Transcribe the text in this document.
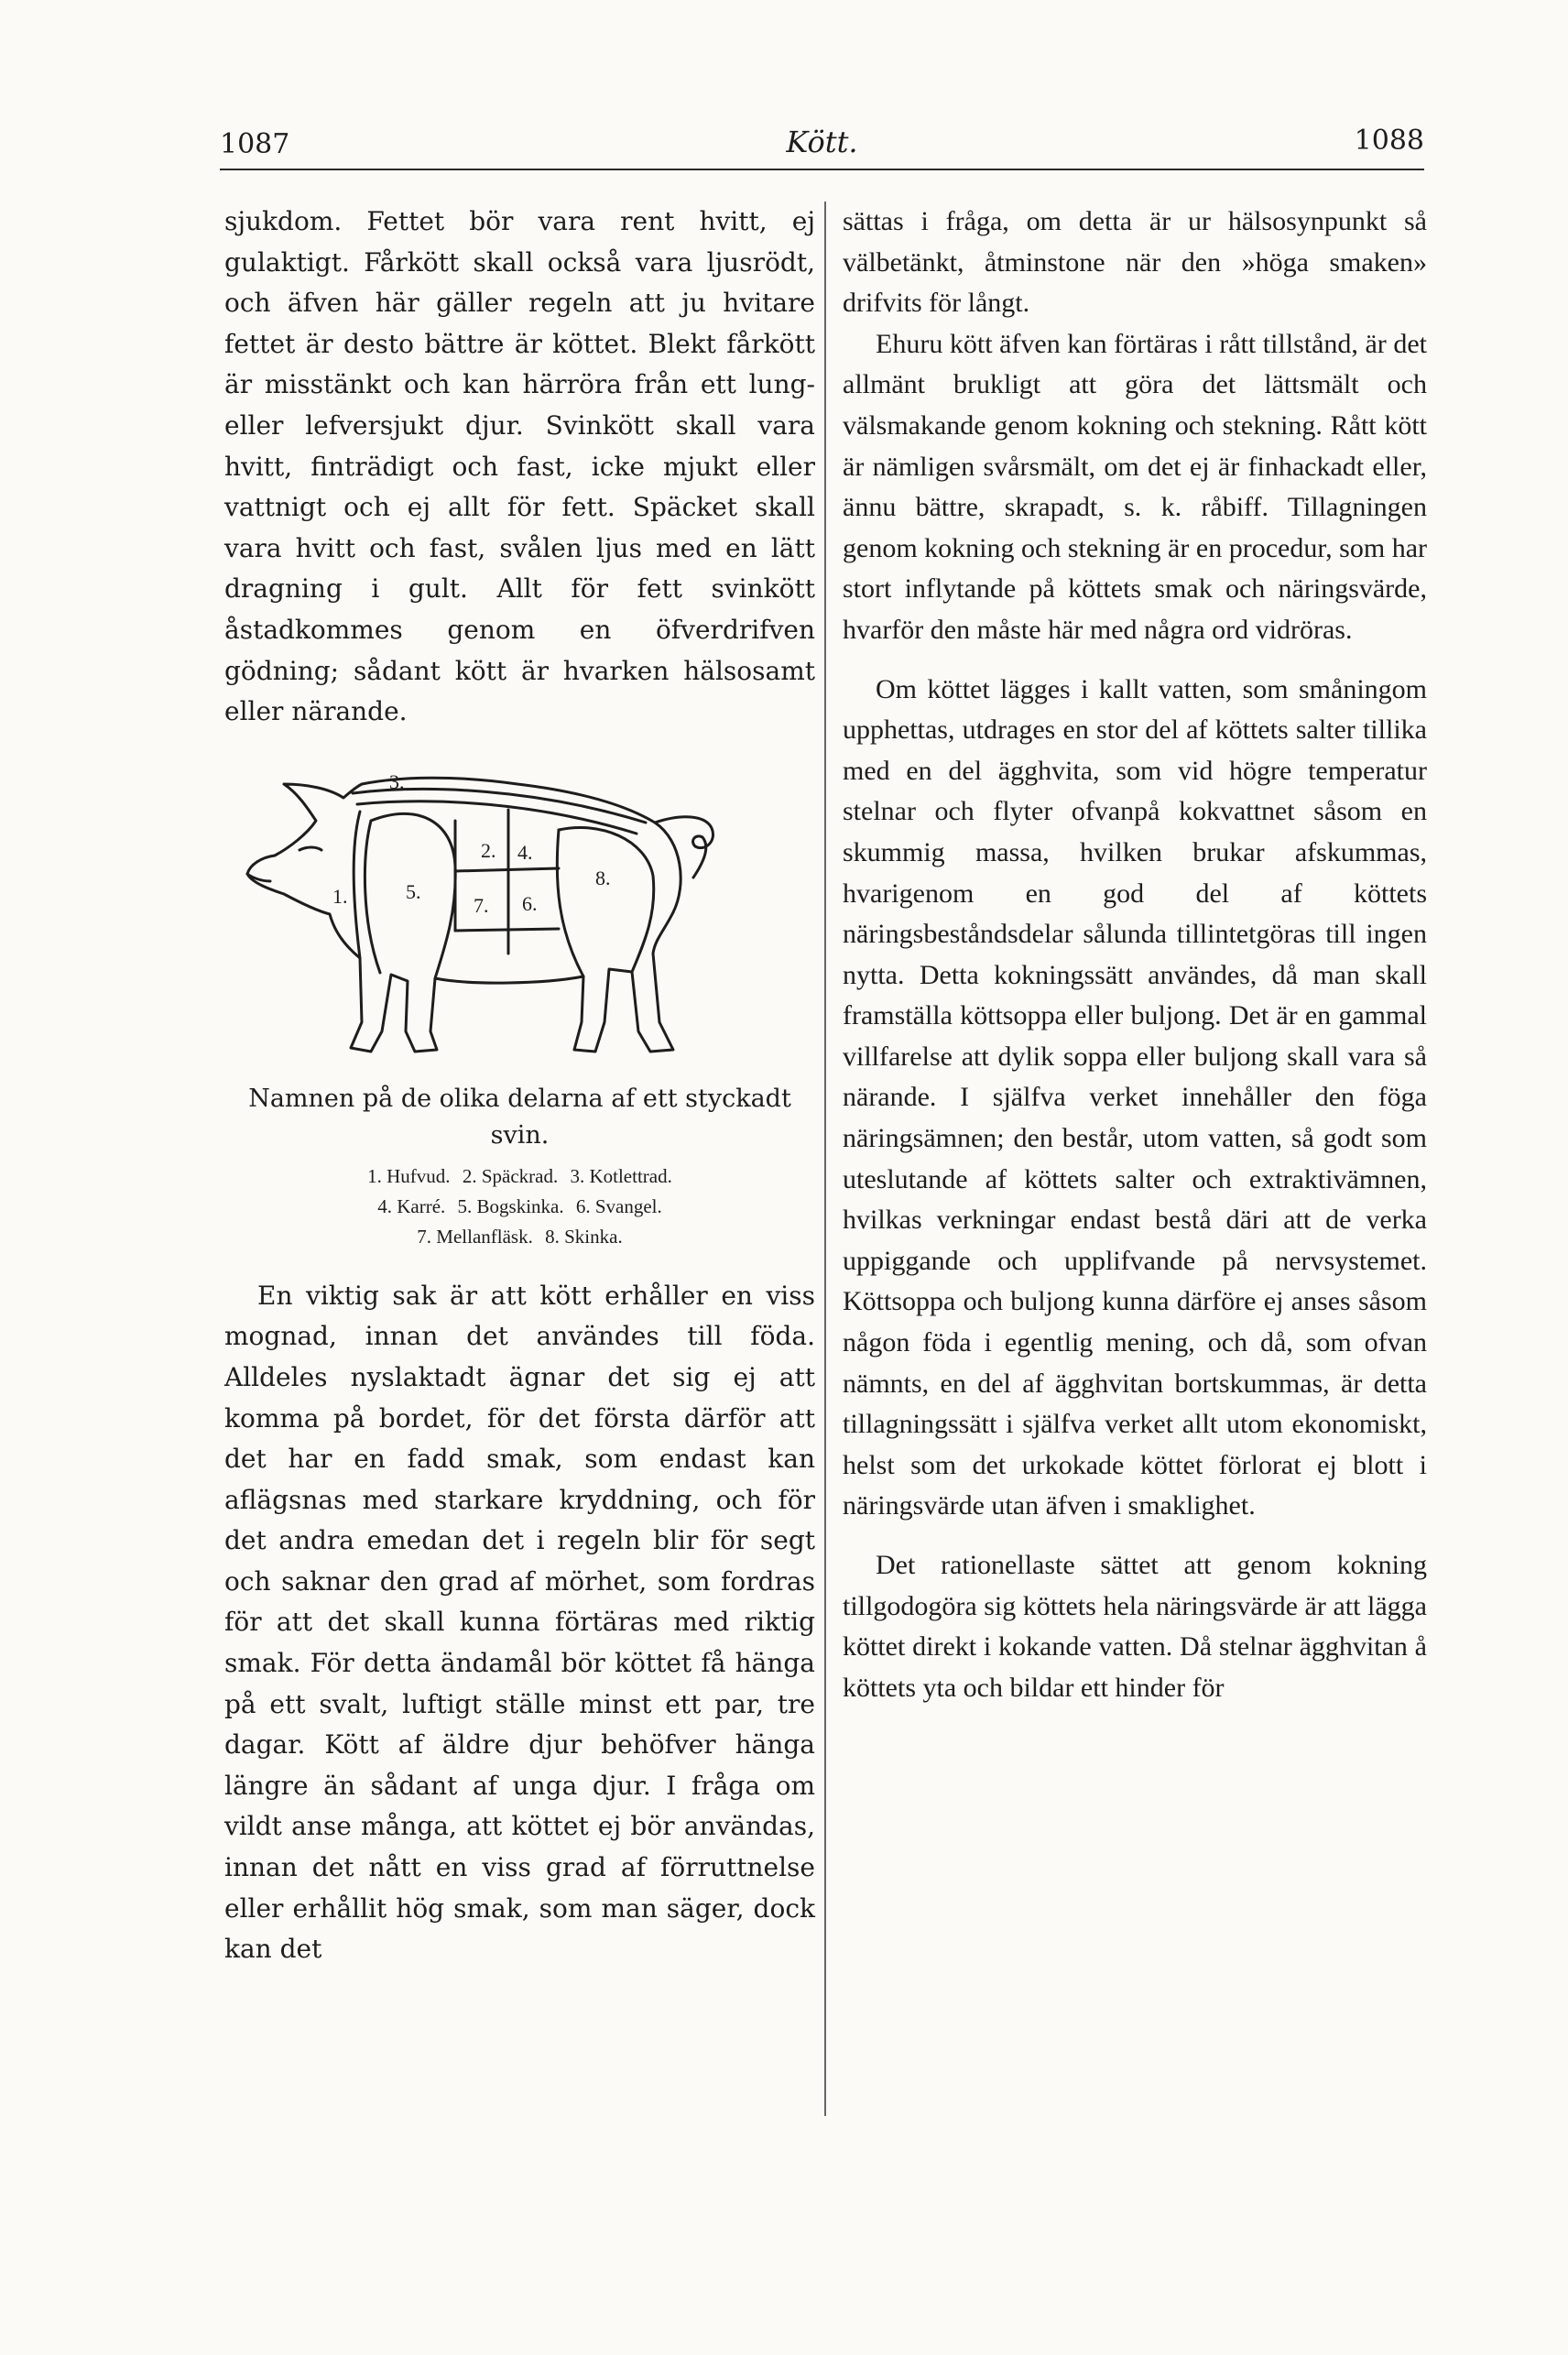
1087	Kött.	1088

sjukdom. Fettet bör vara rent hvitt, ej gulaktigt. Fårkött skall också vara ljusrödt, och äfven här gäller regeln att ju hvitare fettet är desto bättre är köttet. Blekt fårkött är misstänkt och kan härröra från ett lung- eller lefversjukt djur. Svinkött skall vara hvitt, finträdigt och fast, icke mjukt eller vattnigt och ej allt för fett. Späcket skall vara hvitt och fast, svålen ljus med en lätt dragning i gult. Allt för fett svinkött åstadkommes genom en öfverdrifven gödning; sådant kött är hvarken hälsosamt eller närande.

1.
2.
3.
4.
5.
6.
7.
8.
Namnen på de olika delarna af ett styckadt svin.
1. Hufvud. 2. Späckrad. 3. Kotlettrad.
4. Karré. 5. Bogskinka. 6. Svangel.
7. Mellanfläsk. 8. Skinka.

En viktig sak är att kött erhåller en viss mognad, innan det användes till föda. Alldeles nyslaktadt ägnar det sig ej att komma på bordet, för det första därför att det har en fadd smak, som endast kan aflägsnas med starkare kryddning, och för det andra emedan det i regeln blir för segt och saknar den grad af mörhet, som fordras för att det skall kunna förtäras med riktig smak. För detta ändamål bör köttet få hänga på ett svalt, luftigt ställe minst ett par, tre dagar. Kött af äldre djur behöfver hänga längre än sådant af unga djur. I fråga om vildt anse många, att köttet ej bör användas, innan det nått en viss grad af förruttnelse eller erhållit hög smak, som man säger, dock kan det

sättas i fråga, om detta är ur hälsosynpunkt så välbetänkt, åtminstone när den »höga smaken» drifvits för långt.

Ehuru kött äfven kan förtäras i rått tillstånd, är det allmänt brukligt att göra det lättsmält och välsmakande genom kokning och stekning. Rått kött är nämligen svårsmält, om det ej är finhackadt eller, ännu bättre, skrapadt, s. k. råbiff. Tillagningen genom kokning och stekning är en procedur, som har stort inflytande på köttets smak och näringsvärde, hvarför den måste här med några ord vidröras.

Om köttet lägges i kallt vatten, som småningom upphettas, utdrages en stor del af köttets salter tillika med en del ägghvita, som vid högre temperatur stelnar och flyter ofvanpå kokvattnet såsom en skummig massa, hvilken brukar afskummas, hvarigenom en god del af köttets näringsbeståndsdelar sålunda tillintetgöras till ingen nytta. Detta kokningssätt användes, då man skall framställa köttsoppa eller buljong. Det är en gammal villfarelse att dylik soppa eller buljong skall vara så närande. I själfva verket innehåller den föga näringsämnen; den består, utom vatten, så godt som uteslutande af köttets salter och extraktivämnen, hvilkas verkningar endast bestå däri att de verka uppiggande och upplifvande på nervsystemet. Köttsoppa och buljong kunna därföre ej anses såsom någon föda i egentlig mening, och då, som ofvan nämnts, en del af ägghvitan bortskummas, är detta tillagningssätt i själfva verket allt utom ekonomiskt, helst som det urkokade köttet förlorat ej blott i näringsvärde utan äfven i smaklighet.

Det rationellaste sättet att genom kokning tillgodogöra sig köttets hela näringsvärde är att lägga köttet direkt i kokande vatten. Då stelnar ägghvitan å köttets yta och bildar ett hinder för
